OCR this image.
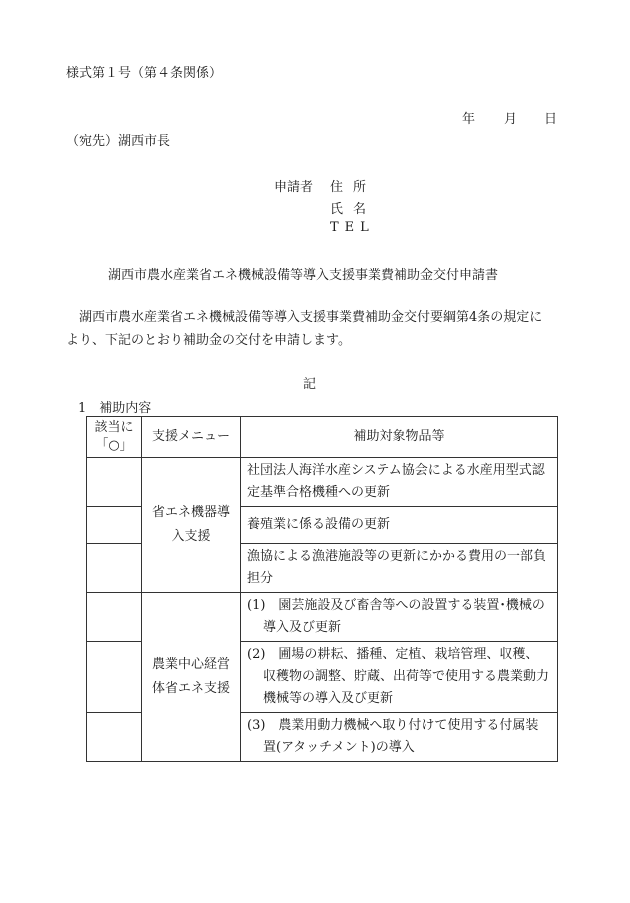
様式第１号（第４条関係）
年 月 日
（宛先）湖西市長
申請者 住所
氏名
TEL
湖西市農水産業省エネ機械設備等導入支援事業費補助金交付申請書
湖西市農水産業省エネ機械設備等導入支援事業費補助金交付要綱第4条の規定により、下記のとおり補助金の交付を申請します。
記
1　補助内容
該当に「○」	支援メニュー	補助対象物品等

	省エネ機器導入支援	社団法人海洋水産システム協会による水産用型式認定基準合格機種への更新
		養殖業に係る設備の更新
		漁協による漁港施設等の更新にかかる費用の一部負担分

	農業中心経営体省エネ支援	(1)　園芸施設及び畜舎等への設置する装置･機械の導入及び更新

		(2)　圃場の耕耘、播種、定植、栽培管理、収穫、収穫物の調整、貯蔵、出荷等で使用する農業動力機械等の導入及び更新

		(3)　農業用動力機械へ取り付けて使用する付属装置(アタッチメント)の導入
